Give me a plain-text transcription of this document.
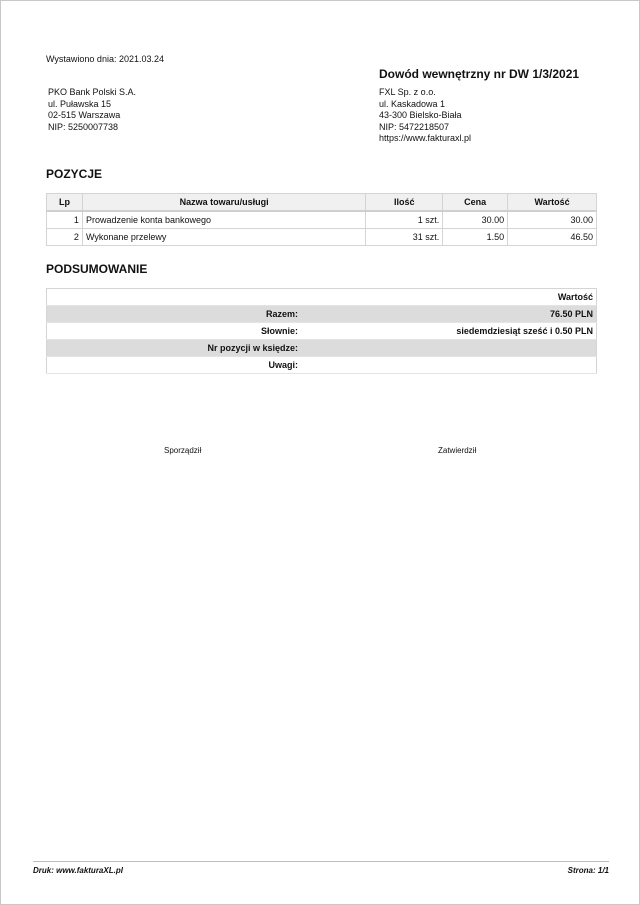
Wystawiono dnia: 2021.03.24
Dowód wewnętrzny nr DW 1/3/2021
PKO Bank Polski S.A.
ul. Puławska 15
02-515 Warszawa
NIP: 5250007738
FXL Sp. z o.o.
ul. Kaskadowa 1
43-300 Bielsko-Biała
NIP: 5472218507
https://www.fakturaxl.pl
POZYCJE
Lp	Nazwa towaru/usługi	Ilość	Cena	Wartość
1	Prowadzenie konta bankowego	1 szt.	30.00	30.00
2	Wykonane przelewy	31 szt.	1.50	46.50
PODSUMOWANIE
	Wartość
Razem:	76.50 PLN
Słownie:	siedemdziesiąt sześć i 0.50 PLN
Nr pozycji w księdze:	
Uwagi:	
Sporządził	Zatwierdził
Druk: www.fakturaXL.pl	Strona: 1/1
